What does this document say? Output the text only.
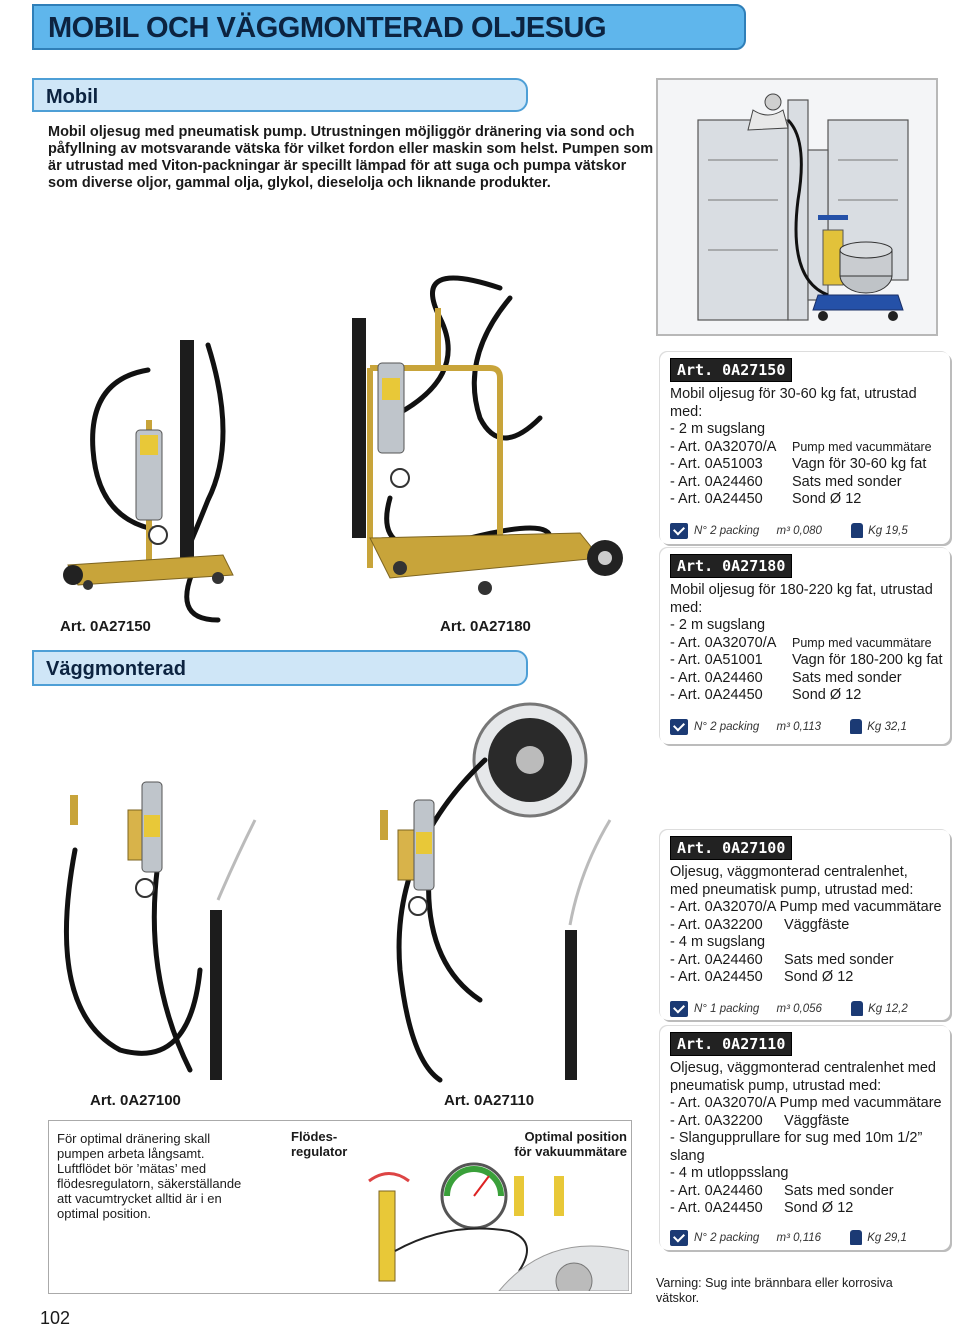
MOBIL OCH VÄGGMONTERAD OLJESUG
Mobil
Mobil oljesug med pneumatisk pump. Utrustningen möjliggör dränering via sond och påfyllning av motsvarande vätska för vilket fordon eller maskin som helst. Pumpen som är utrustad med Viton-packningar är specillt lämpad för att suga och pumpa vätskor som diverse oljor, gammal olja, glykol, dieselolja och liknande produkter.
Art. 0A27150	Art. 0A27180
Väggmonterad
Art. 0A27150
Mobil oljesug för 30-60 kg fat, utrustad med:
- 2 m sugslang
- Art. 0A32070/A Pump med vacummätare
- Art. 0A51003 Vagn för 30-60 kg fat
- Art. 0A24460 Sats med sonder
- Art. 0A24450 Sond Ø 12
N° 2 packing m³ 0,080	Kg 19,5
Art. 0A27180
Mobil oljesug för 180-220 kg fat, utrustad med:
- 2 m sugslang
- Art. 0A32070/A Pump med vacummätare
- Art. 0A51001 Vagn för 180-200 kg fat
- Art. 0A24460 Sats med sonder
- Art. 0A24450 Sond Ø 12
N° 2 packing m³ 0,113	Kg 32,1
Art. 0A27100	Art. 0A27110
Art. 0A27100
Oljesug, väggmonterad centralenhet, med pneumatisk pump, utrustad med:
- Art. 0A32070/A Pump med vacummätare
- Art. 0A32200 Väggfäste
- 4 m sugslang
- Art. 0A24460 Sats med sonder
- Art. 0A24450 Sond Ø 12
N° 1 packing m³ 0,056	Kg 12,2
Art. 0A27110
Oljesug, väggmonterad centralenhet med pneumatisk pump, utrustad med:
- Art. 0A32070/A Pump med vacummätare
- Art. 0A32200 Väggfäste
- Slangupprullare for sug med 10m 1/2” slang
- 4 m utloppsslang
- Art. 0A24460 Sats med sonder
- Art. 0A24450 Sond Ø 12
N° 2 packing m³ 0,116	Kg 29,1
För optimal dränering skall pumpen arbeta långsamt. Luftflödet bör ’mätas’ med flödesregulatorn, säkerställande att vacumtrycket alltid är i en optimal position.
Flödes- regulator
Optimal position för vakuummätare
Varning: Sug inte brännbara eller korrosiva vätskor.
102
